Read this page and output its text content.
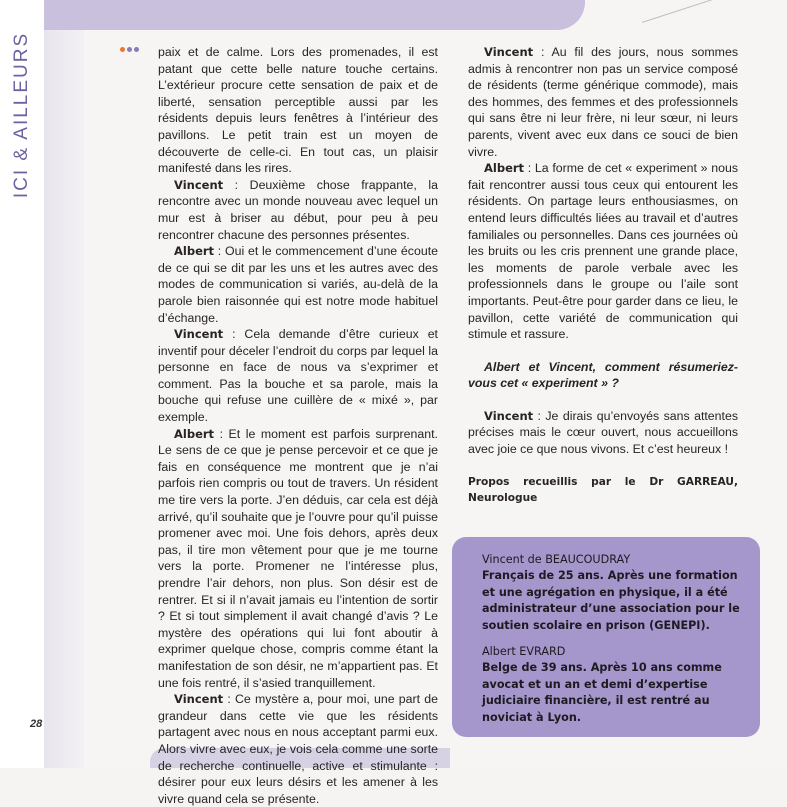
ICI & AILLEURS
28

paix et de calme. Lors des promenades, il est patant que cette belle nature touche certains. L’extérieur procure cette sensation de paix et de liberté, sensation perceptible aussi par les résidents depuis leurs fenêtres à l’intérieur des pavillons. Le petit train est un moyen de découverte de celle-ci. En tout cas, un plaisir manifesté dans les rires.

Vincent : Deuxième chose frappante, la rencontre avec un monde nouveau avec lequel un mur est à briser au début, pour peu à peu rencontrer chacune des personnes présentes.

Albert : Oui et le commencement d’une écoute de ce qui se dit par les uns et les autres avec des modes de communication si variés, au-delà de la parole bien raisonnée qui est notre mode habituel d’échange.

Vincent : Cela demande d’être curieux et inventif pour déceler l’endroit du corps par lequel la personne en face de nous va s’exprimer et comment. Pas la bouche et sa parole, mais la bouche qui refuse une cuillère de « mixé », par exemple.

Albert : Et le moment est parfois surprenant. Le sens de ce que je pense percevoir et ce que je fais en conséquence me montrent que je n’ai parfois rien compris ou tout de travers. Un résident me tire vers la porte. J’en déduis, car cela est déjà arrivé, qu’il souhaite que je l’ouvre pour qu’il puisse promener avec moi. Une fois dehors, après deux pas, il tire mon vêtement pour que je me tourne vers la porte. Promener ne l’intéresse plus, prendre l’air dehors, non plus. Son désir est de rentrer. Et si il n’avait jamais eu l’intention de sortir ? Et si tout simplement il avait changé d’avis ? Le mystère des opérations qui lui font aboutir à exprimer quelque chose, compris comme étant la manifestation de son désir, ne m’appartient pas. Et une fois rentré, il s’asied tranquillement.

Vincent : Ce mystère a, pour moi, une part de grandeur dans cette vie que les résidents partagent avec nous en nous acceptant parmi eux. Alors vivre avec eux, je vois cela comme une sorte de recherche continuelle, active et stimulante : désirer pour eux leurs désirs et les amener à les vivre quand cela se présente.

Vincent : Au fil des jours, nous sommes admis à rencontrer non pas un service composé de résidents (terme générique commode), mais des hommes, des femmes et des professionnels qui sans être ni leur frère, ni leur sœur, ni leurs parents, vivent avec eux dans ce souci de bien vivre.

Albert : La forme de cet « experiment » nous fait rencontrer aussi tous ceux qui entourent les résidents. On partage leurs enthousiasmes, on entend leurs difficultés liées au travail et d’autres familiales ou personnelles. Dans ces journées où les bruits ou les cris prennent une grande place, les moments de parole verbale avec les professionnels dans le groupe ou l’aile sont importants. Peut-être pour garder dans ce lieu, le pavillon, cette variété de communication qui stimule et rassure.

Albert et Vincent, comment résumeriez-vous cet « experiment » ?

Vincent : Je dirais qu’envoyés sans attentes précises mais le cœur ouvert, nous accueillons avec joie ce que nous vivons. Et c’est heureux !

Propos recueillis par le Dr GARREAU, Neurologue

Vincent de BEAUCOUDRAY

Français de 25 ans. Après une formation et une agrégation en physique, il a été administrateur d’une association pour le soutien scolaire en prison (GENEPI).

Albert EVRARD

Belge de 39 ans. Après 10 ans comme avocat et un an et demi d’expertise judiciaire financière, il est rentré au noviciat à Lyon.
